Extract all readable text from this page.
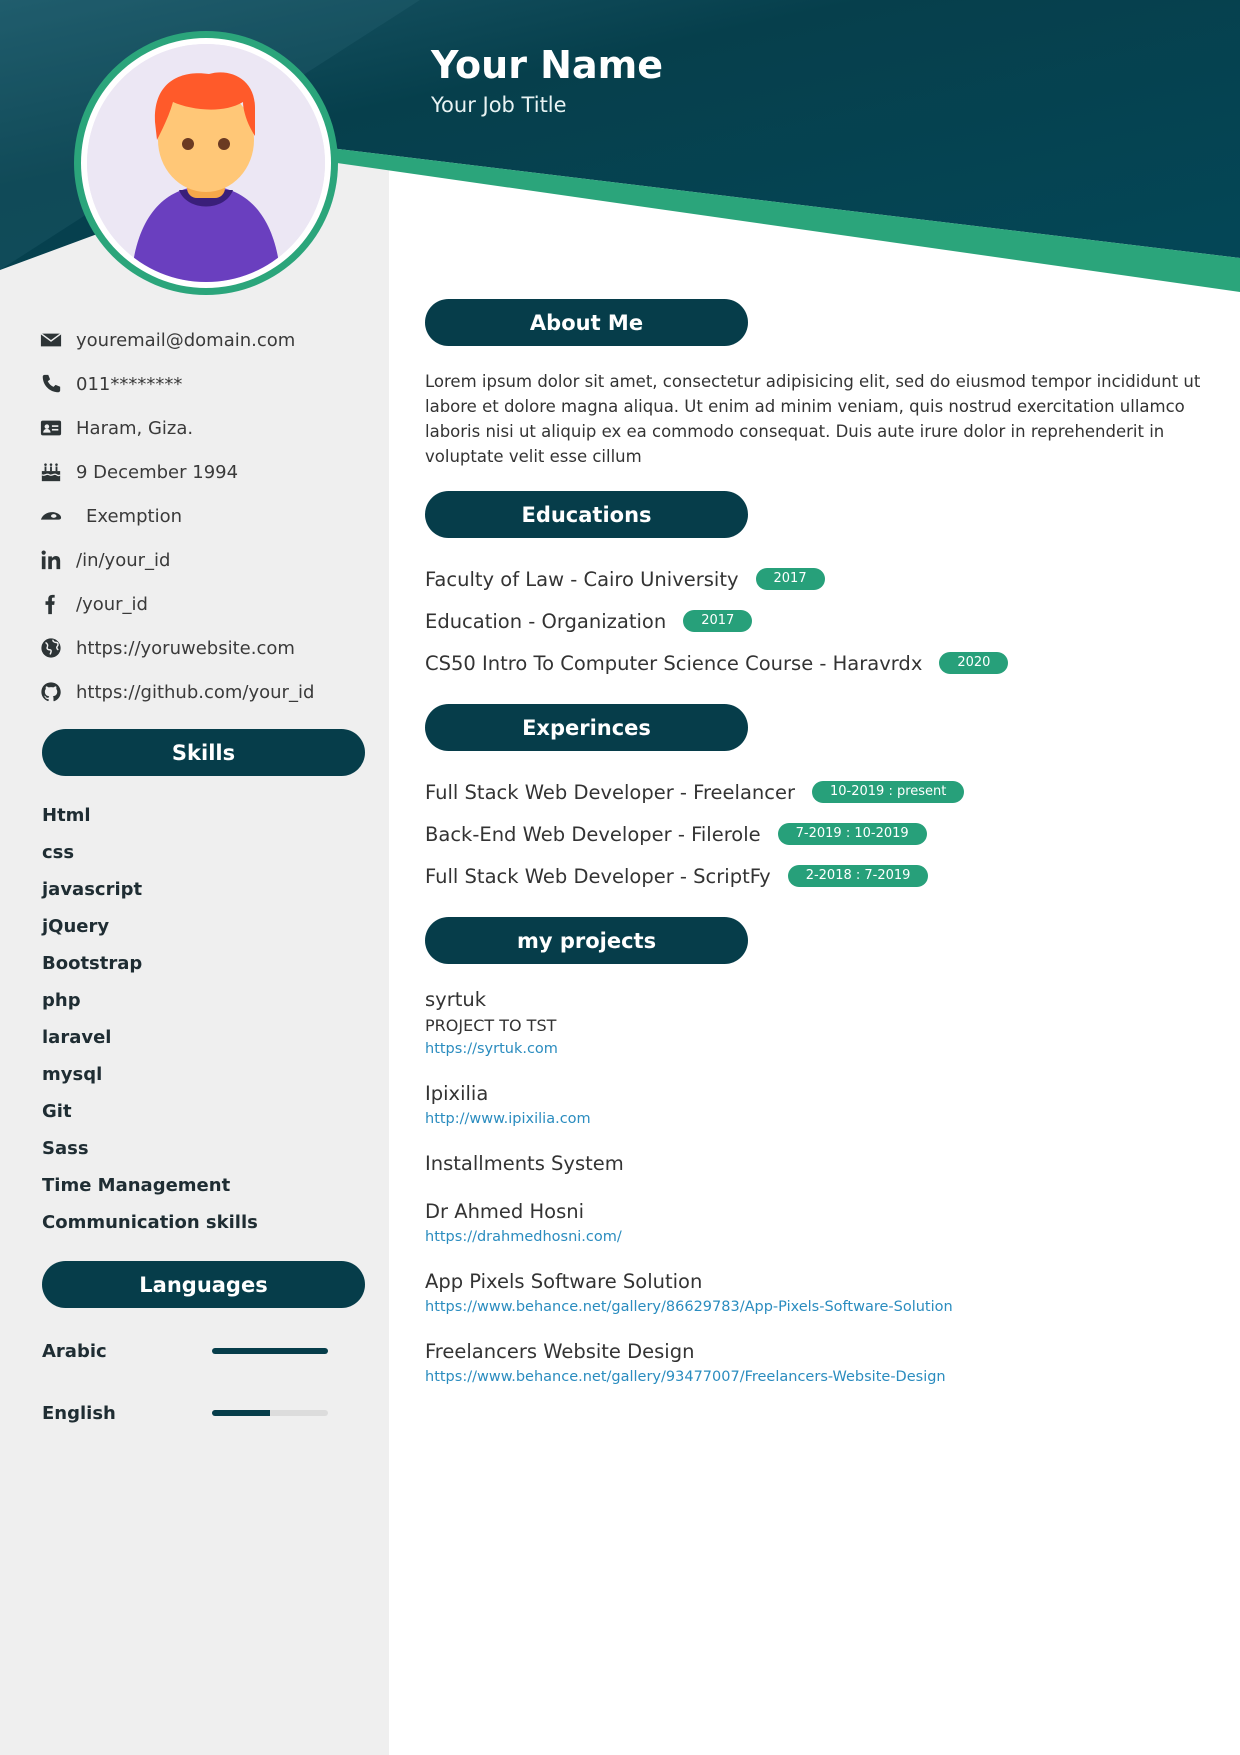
Your Name

Your Job Title

youremail@domain.com
011********
Haram, Giza.
9 December 1994
Exemption
/in/your_id
/your_id
https://yoruwebsite.com
https://github.com/your_id
Skills
Html
css
javascript
jQuery
Bootstrap
php
laravel
mysql
Git
Sass
Time Management
Communication skills
Languages
Arabic
English
About Me

Lorem ipsum dolor sit amet, consectetur adipisicing elit, sed do eiusmod tempor incididunt ut labore et dolore magna aliqua. Ut enim ad minim veniam, quis nostrud exercitation ullamco laboris nisi ut aliquip ex ea commodo consequat. Duis aute irure dolor in reprehenderit in voluptate velit esse cillum

Educations
Faculty of Law - Cairo University	2017
Education - Organization	2017
CS50 Intro To Computer Science Course - Haravrdx	2020
Experinces
Full Stack Web Developer - Freelancer	10-2019 : present
Back-End Web Developer - Filerole	7-2019 : 10-2019
Full Stack Web Developer - ScriptFy	2-2018 : 7-2019
my projects
syrtuk
PROJECT TO TST
https://syrtuk.com
Ipixilia
http://www.ipixilia.com
Installments System
Dr Ahmed Hosni
https://drahmedhosni.com/
App Pixels Software Solution
https://www.behance.net/gallery/86629783/App-Pixels-Software-Solution
Freelancers Website Design
https://www.behance.net/gallery/93477007/Freelancers-Website-Design
